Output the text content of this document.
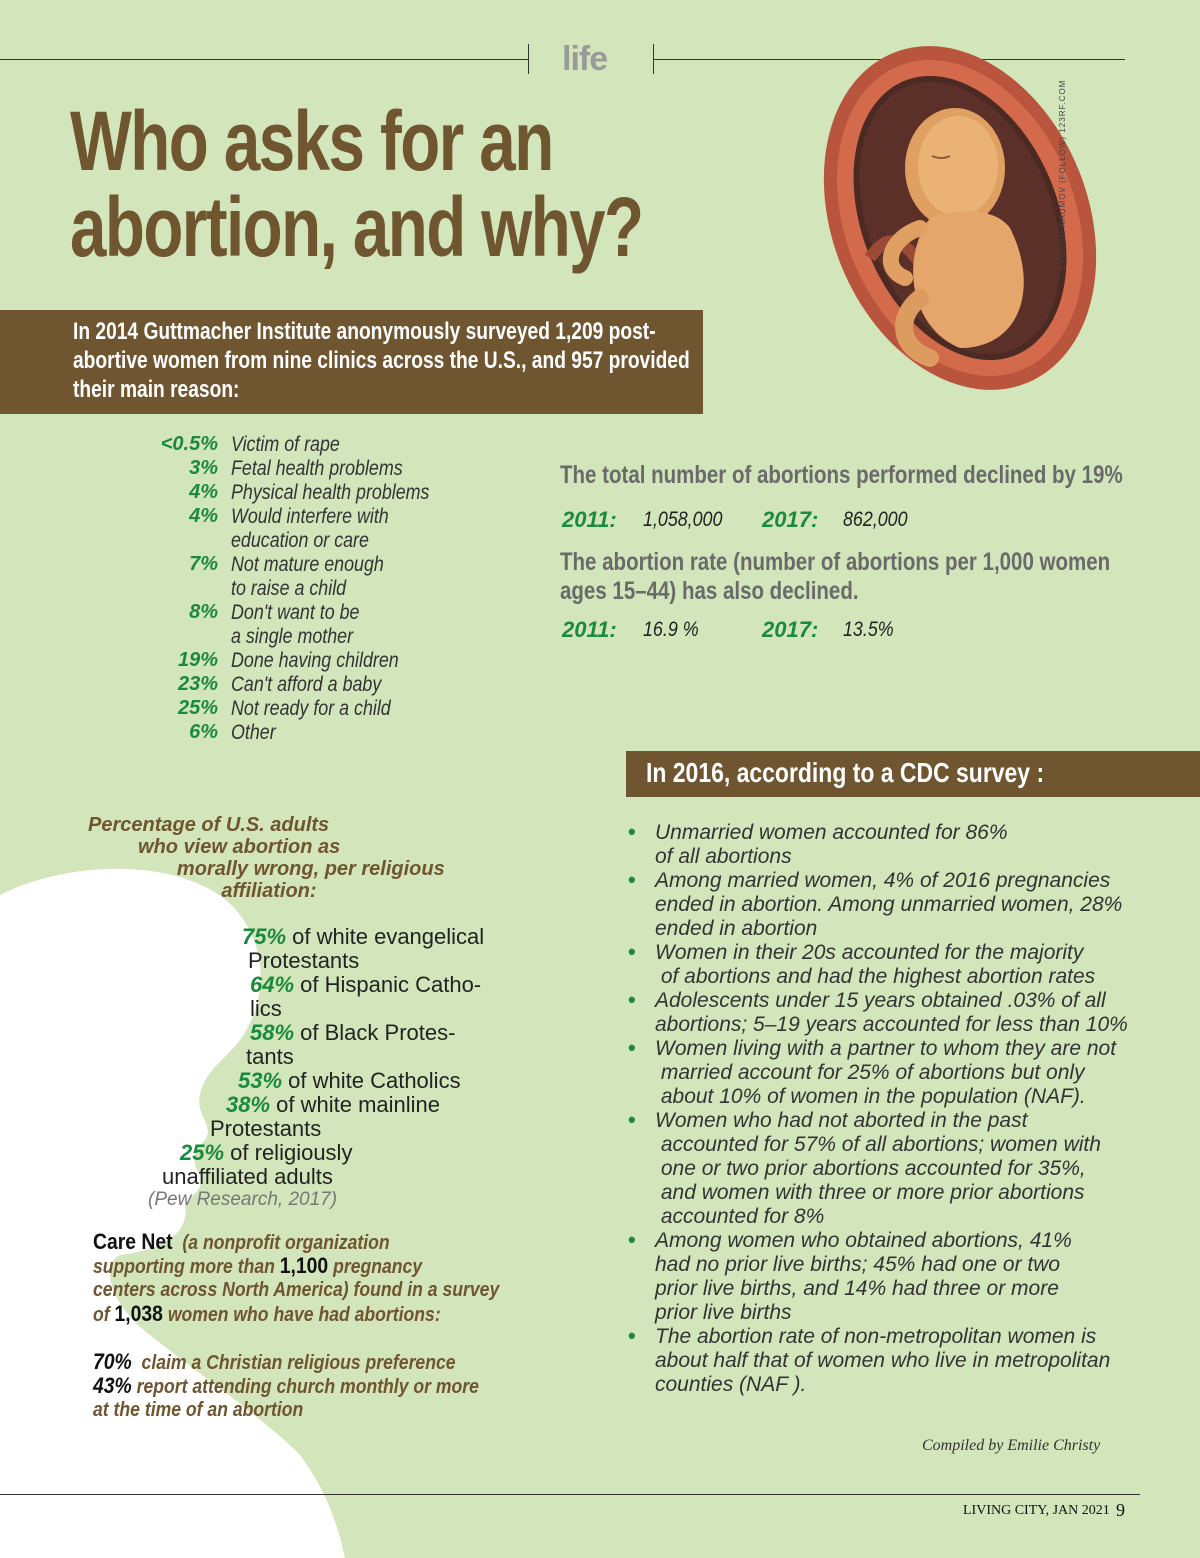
life
Who asks for an
abortion, and why?	EVGENII NAUMOV (FOLLOW) 123RF.COM
In 2014 Guttmacher Institute anonymously surveyed 1,209 post-abortive women from nine clinics across the U.S., and 957 provided their main reason:
<0.5% Victim of rape
3% Fetal health problems
4% Physical health problems
4% Would interfere with
education or care
7% Not mature enough
to raise a child
8% Don't want to be
a single mother
19% Done having children
23% Can't afford a baby
25% Not ready for a child
6% Other
The total number of abortions performed declined by 19%
2011: 1,058,000 2017: 862,000
The abortion rate (number of abortions per 1,000 women
ages 15–44) has also declined.
2011: 16.9 %	2017: 13.5%
Percentage of U.S. adults
who view abortion as
morally wrong, per religious
affiliation:
75% of white evangelical
Protestants
64% of Hispanic Catho-
lics
58% of Black Protes-
tants
53% of white Catholics
38% of white mainline
Protestants
25% of religiously
unaffiliated adults
(Pew Research, 2017)
Care Net (a nonprofit organization
supporting more than 1,100 pregnancy
centers across North America) found in a survey
of 1,038 women who have had abortions:
70% claim a Christian religious preference
43% report attending church monthly or more
at the time of an abortion
In 2016, according to a CDC survey :
• Unmarried women accounted for 86%
of all abortions
• Among married women, 4% of 2016 pregnancies
ended in abortion. Among unmarried women, 28%
ended in abortion
• Women in their 20s accounted for the majority
of abortions and had the highest abortion rates
• Adolescents under 15 years obtained .03% of all
abortions; 5–19 years accounted for less than 10%
• Women living with a partner to whom they are not
married account for 25% of abortions but only
about 10% of women in the population (NAF).
• Women who had not aborted in the past
accounted for 57% of all abortions; women with
one or two prior abortions accounted for 35%,
and women with three or more prior abortions
accounted for 8%
• Among women who obtained abortions, 41%
had no prior live births; 45% had one or two
prior live births, and 14% had three or more
prior live births
• The abortion rate of non-metropolitan women is
about half that of women who live in metropolitan
counties (NAF ).
Compiled by Emilie Christy
LIVING CITY, JAN 2021 9
